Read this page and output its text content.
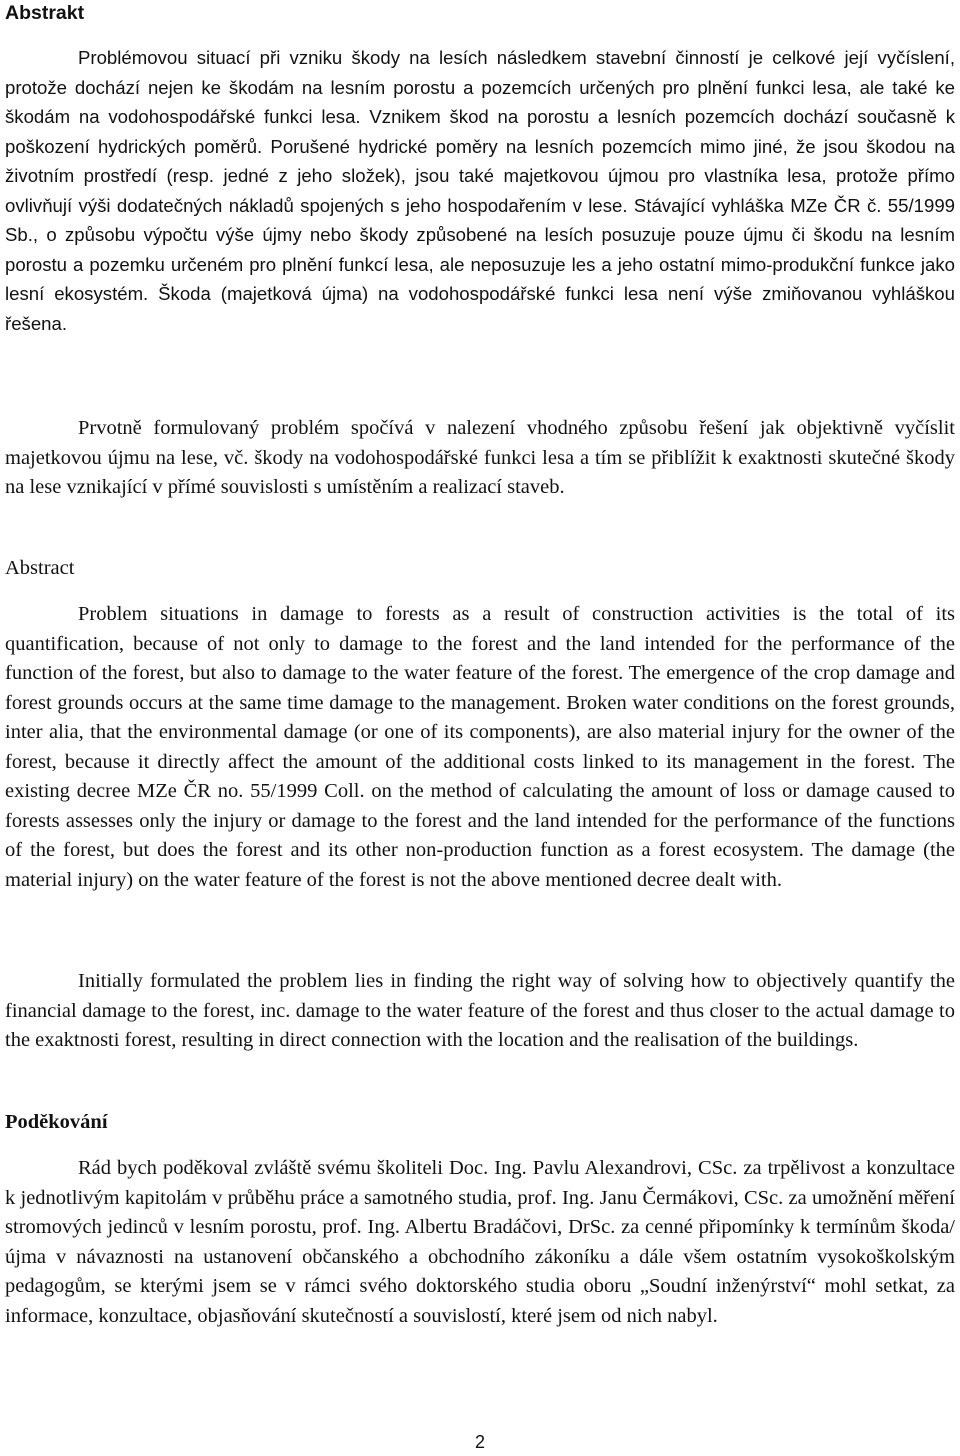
Abstrakt

Problémovou situací při vzniku škody na lesích následkem stavební činností je celkové její vyčíslení, protože dochází nejen ke škodám na lesním porostu a pozemcích určených pro plnění funkci lesa, ale také ke škodám na vodohospodářské funkci lesa. Vznikem škod na porostu a lesních pozemcích dochází současně k poškození hydrických poměrů. Porušené hydrické poměry na lesních pozemcích mimo jiné, že jsou škodou na životním prostředí (resp. jedné z jeho složek), jsou také majetkovou újmou pro vlastníka lesa, protože přímo ovlivňují výši dodatečných nákladů spojených s jeho hospodařením v lese. Stávající vyhláška MZe ČR č. 55/1999 Sb., o způsobu výpočtu výše újmy nebo škody způsobené na lesích posuzuje pouze újmu či škodu na lesním porostu a pozemku určeném pro plnění funkcí lesa, ale neposuzuje les a jeho ostatní mimo-produkční funkce jako lesní ekosystém. Škoda (majetková újma) na vodohospodářské funkci lesa není výše zmiňovanou vyhláškou řešena.

Prvotně formulovaný problém spočívá v nalezení vhodného způsobu řešení jak objektivně vyčíslit majetkovou újmu na lese, vč. škody na vodohospodářské funkci lesa a tím se přiblížit k exaktnosti skutečné škody na lese vznikající v přímé souvislosti s umístěním a realizací staveb.

Abstract

Problem situations in damage to forests as a result of construction activities is the total of its quantification, because of not only to damage to the forest and the land intended for the performance of the function of the forest, but also to damage to the water feature of the forest. The emergence of the crop damage and forest grounds occurs at the same time damage to the management. Broken water conditions on the forest grounds, inter alia, that the environmental damage (or one of its components), are also material injury for the owner of the forest, because it directly affect the amount of the additional costs linked to its management in the forest. The existing decree MZe ČR no. 55/1999 Coll. on the method of calculating the amount of loss or damage caused to forests assesses only the injury or damage to the forest and the land intended for the performance of the functions of the forest, but does the forest and its other non-production function as a forest ecosystem. The damage (the material injury) on the water feature of the forest is not the above mentioned decree dealt with.

Initially formulated the problem lies in finding the right way of solving how to objectively quantify the financial damage to the forest, inc. damage to the water feature of the forest and thus closer to the actual damage to the exaktnosti forest, resulting in direct connection with the location and the realisation of the buildings.

Poděkování

Rád bych poděkoval zvláště svému školiteli Doc. Ing. Pavlu Alexandrovi, CSc. za trpělivost a konzultace k jednotlivým kapitolám v průběhu práce a samotného studia, prof. Ing. Janu Čermákovi, CSc. za umožnění měření stromových jedinců v lesním porostu, prof. Ing. Albertu Bradáčovi, DrSc. za cenné připomínky k termínům škoda/újma v návaznosti na ustanovení občanského a obchodního zákoníku a dále všem ostatním vysokoškolským pedagogům, se kterými jsem se v rámci svého doktorského studia oboru „Soudní inženýrství“ mohl setkat, za informace, konzultace, objasňování skutečností a souvislostí, které jsem od nich nabyl.

2
